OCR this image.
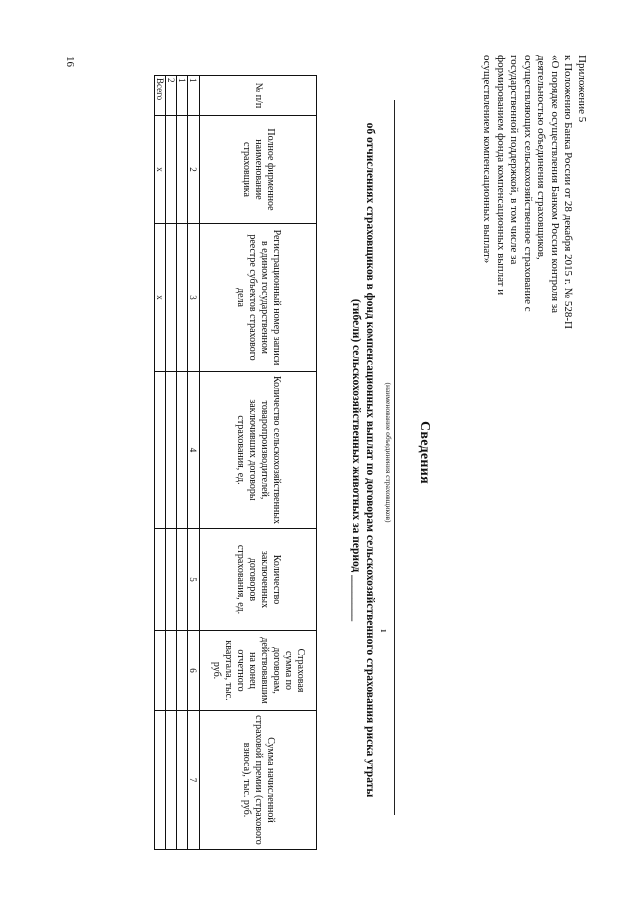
Приложение 5
к Положению Банка России от 28 декабря 2015 г. № 528-П
«О порядке осуществления Банком России контроля за
деятельностью объединения страховщиков,
осуществляющих сельскохозяйственное страхование с
государственной поддержкой, в том числе за
формированием фонда компенсационных выплат и
осуществлением компенсационных выплат»
Сведения
(наименование объединения страховщиков)
1
об отчислениях страховщиков в фонд компенсационных выплат по договорам сельскохозяйственного страхования риска утраты
(гибели) сельскохозяйственных животных за период ________
№ п/п	Полное фирменное наименование страховщика	Регистрационный номер записи в едином государственном реестре субъектов страхового дела	Количество сельскохозяйственных товаропроизводителей, заключивших договоры страхования, ед.	Количество заключенных договоров страхования, ед.	Страховая сумма по договорам, действовавшим на конец отчетного квартала, тыс. руб.	Сумма начисленной страховой премии (страхового взноса), тыс. руб.
1	2	3	4	5	6	7
1						
2						
Всего	х	х				
16
